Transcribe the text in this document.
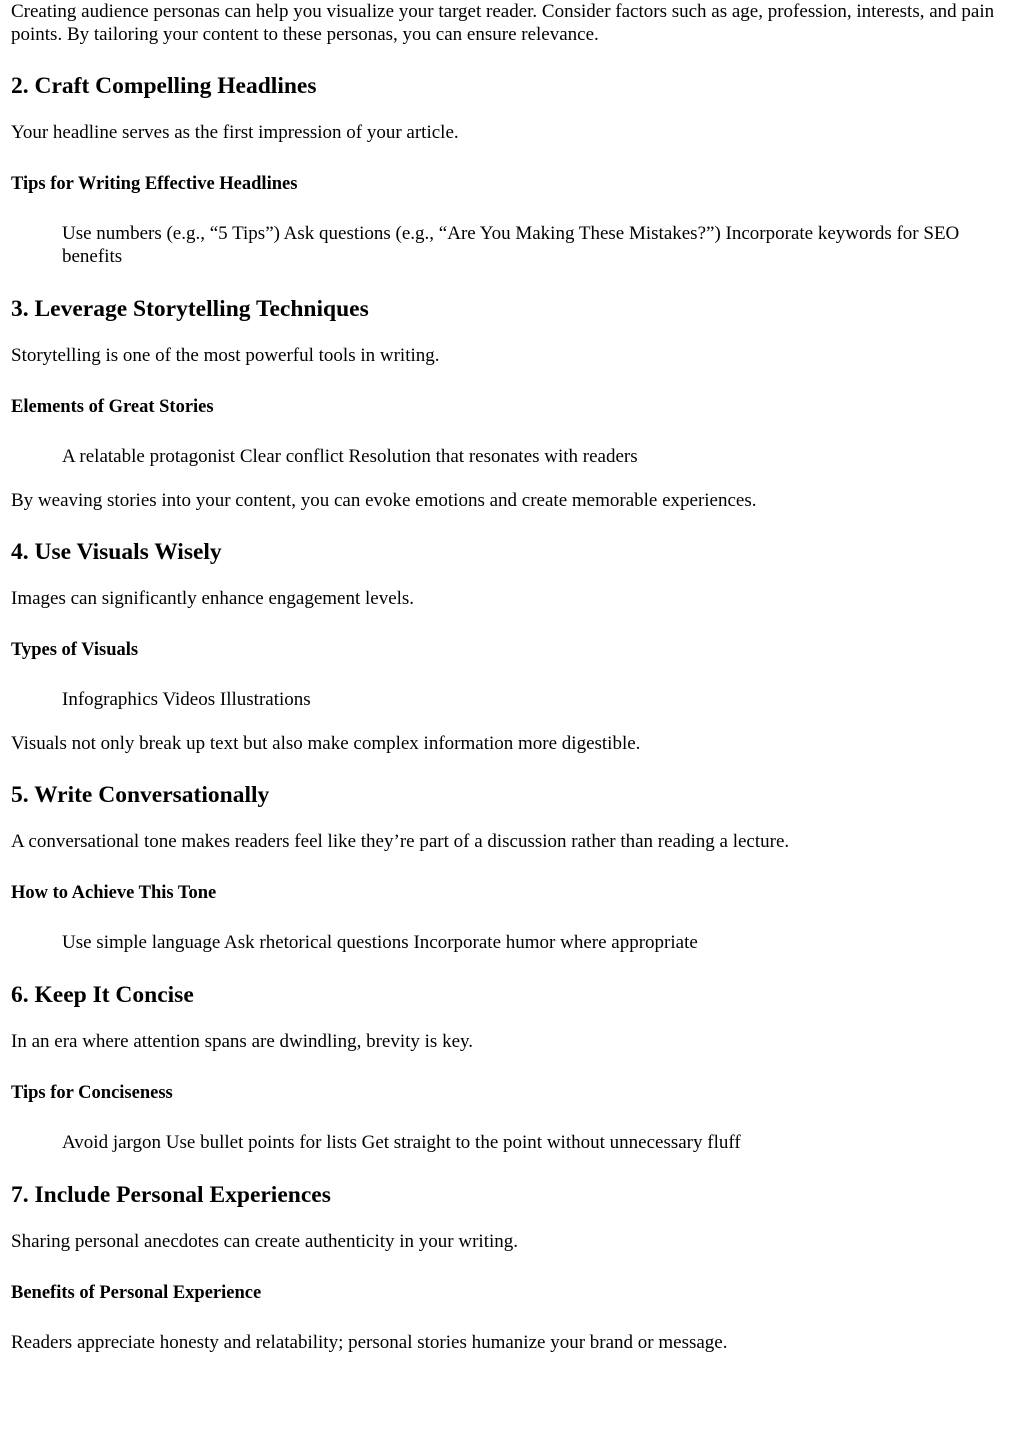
Creating audience personas can help you visualize your target reader. Consider factors such as age, profession, interests, and pain points. By tailoring your content to these personas, you can ensure relevance.

2. Craft Compelling Headlines

Your headline serves as the first impression of your article.

Tips for Writing Effective Headlines
Use numbers (e.g., “5 Tips”) Ask questions (e.g., “Are You Making These Mistakes?”) Incorporate keywords for SEO benefits
3. Leverage Storytelling Techniques

Storytelling is one of the most powerful tools in writing.

Elements of Great Stories
A relatable protagonist Clear conflict Resolution that resonates with readers

By weaving stories into your content, you can evoke emotions and create memorable experiences.

4. Use Visuals Wisely

Images can significantly enhance engagement levels.

Types of Visuals
Infographics Videos Illustrations

Visuals not only break up text but also make complex information more digestible.

5. Write Conversationally

A conversational tone makes readers feel like they’re part of a discussion rather than reading a lecture.

How to Achieve This Tone
Use simple language Ask rhetorical questions Incorporate humor where appropriate
6. Keep It Concise

In an era where attention spans are dwindling, brevity is key.

Tips for Conciseness
Avoid jargon Use bullet points for lists Get straight to the point without unnecessary fluff
7. Include Personal Experiences

Sharing personal anecdotes can create authenticity in your writing.

Benefits of Personal Experience

Readers appreciate honesty and relatability; personal stories humanize your brand or message.
